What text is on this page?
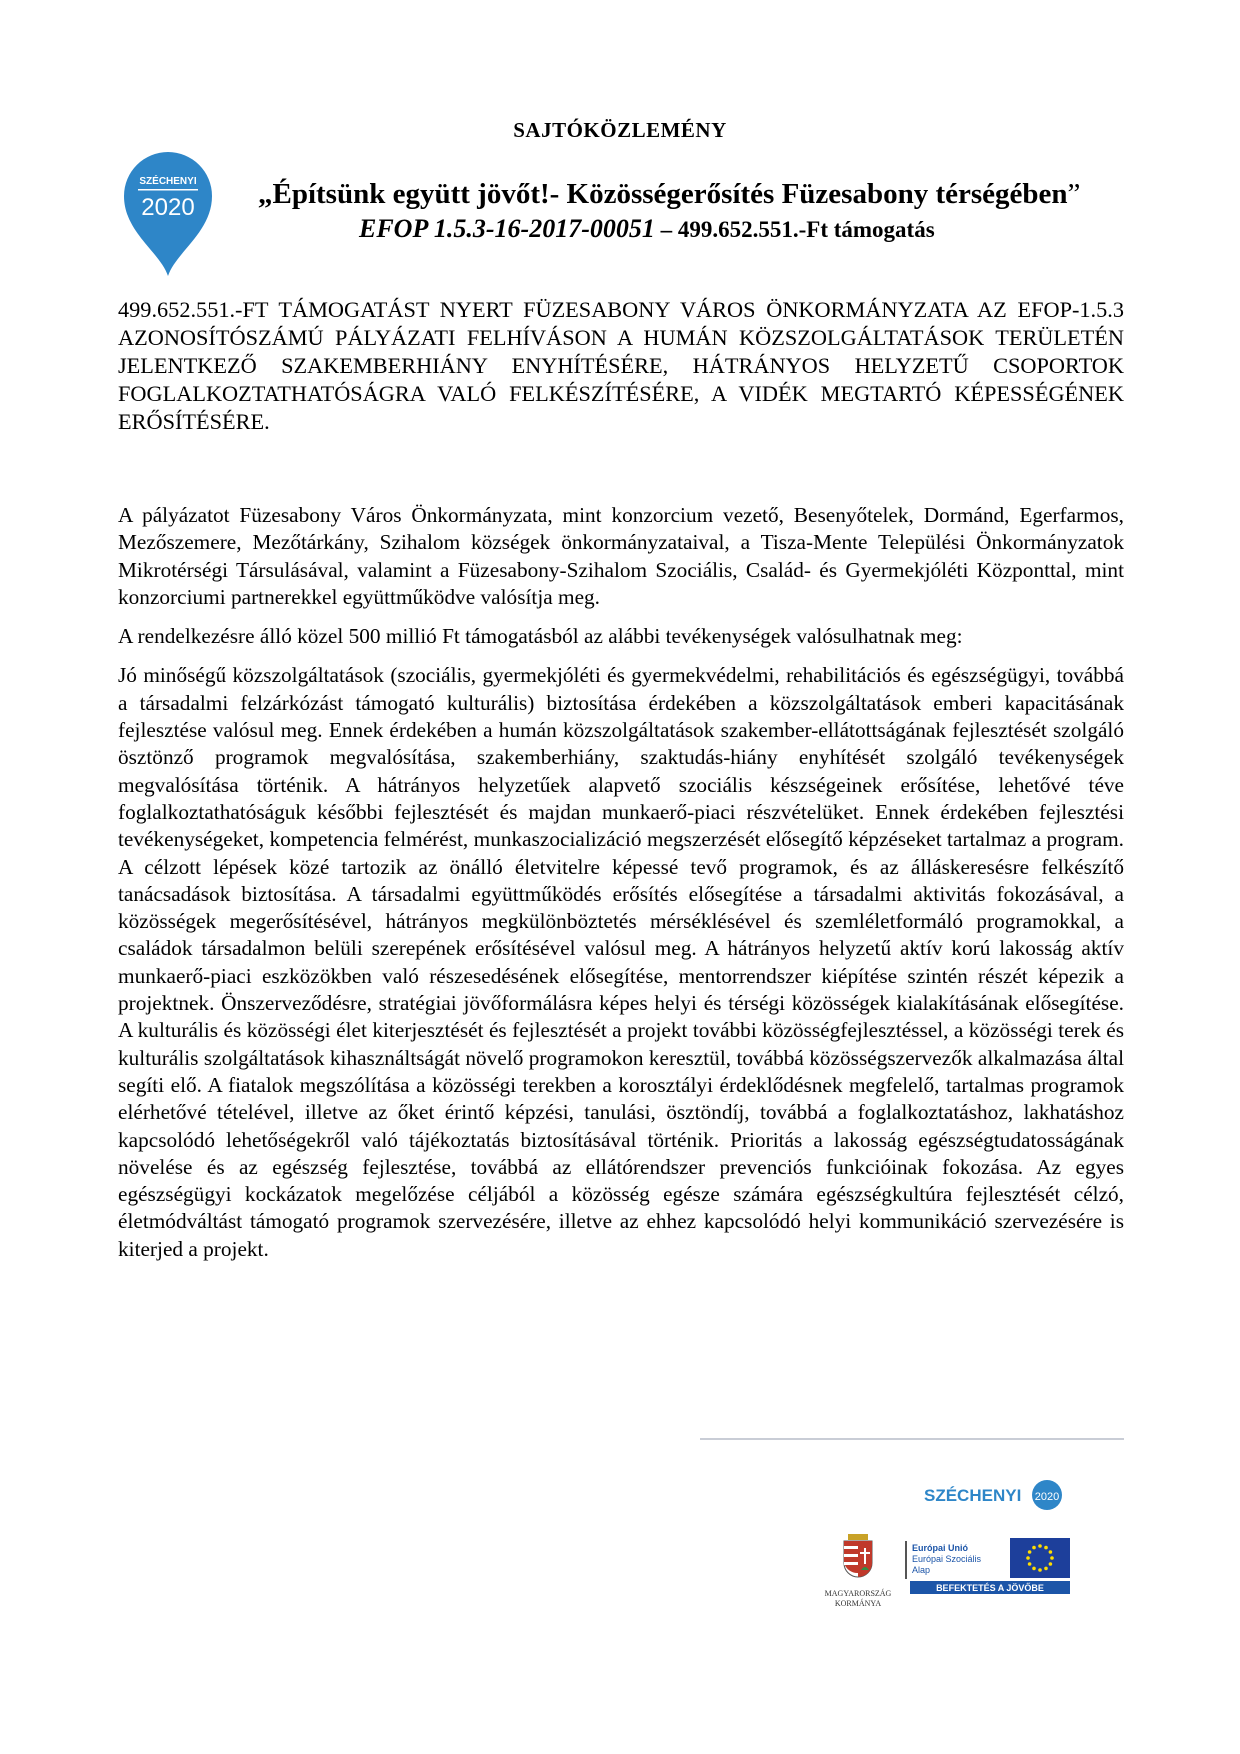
SAJTÓKÖZLEMÉNY
SZÉCHENYI
2020 „Építsünk együtt jövőt!- Közösségerősítés Füzesabony térségében”
EFOP 1.5.3-16-2017-00051 – 499.652.551.-Ft támogatás

499.652.551.-FT TÁMOGATÁST NYERT FÜZESABONY VÁROS ÖNKORMÁNYZATA AZ EFOP-1.5.3 AZONOSÍTÓSZÁMÚ PÁLYÁZATI FELHÍVÁSON A HUMÁN KÖZSZOLGÁLTATÁSOK TERÜLETÉN JELENTKEZŐ SZAKEMBERHIÁNY ENYHÍTÉSÉRE, HÁTRÁNYOS HELYZETŰ CSOPORTOK FOGLALKOZTATHATÓSÁGRA VALÓ FELKÉSZÍTÉSÉRE, A VIDÉK MEGTARTÓ KÉPESSÉGÉNEK ERŐSÍTÉSÉRE.

A pályázatot Füzesabony Város Önkormányzata, mint konzorcium vezető, Besenyőtelek, Dormánd, Egerfarmos, Mezőszemere, Mezőtárkány, Szihalom községek önkormányzataival, a Tisza-Mente Települési Önkormányzatok Mikrotérségi Társulásával, valamint a Füzesabony-Szihalom Szociális, Család- és Gyermekjóléti Központtal, mint konzorciumi partnerekkel együttműködve valósítja meg.

A rendelkezésre álló közel 500 millió Ft támogatásból az alábbi tevékenységek valósulhatnak meg:

Jó minőségű közszolgáltatások (szociális, gyermekjóléti és gyermekvédelmi, rehabilitációs és egészségügyi, továbbá a társadalmi felzárkózást támogató kulturális) biztosítása érdekében a közszolgáltatások emberi kapacitásának fejlesztése valósul meg. Ennek érdekében a humán közszolgáltatások szakember-ellátottságának fejlesztését szolgáló ösztönző programok megvalósítása, szakemberhiány, szaktudás-hiány enyhítését szolgáló tevékenységek megvalósítása történik. A hátrányos helyzetűek alapvető szociális készségeinek erősítése, lehetővé téve foglalkoztathatóságuk későbbi fejlesztését és majdan munkaerő-piaci részvételüket. Ennek érdekében fejlesztési tevékenységeket, kompetencia felmérést, munkaszocializáció megszerzését elősegítő képzéseket tartalmaz a program. A célzott lépések közé tartozik az önálló életvitelre képessé tevő programok, és az álláskeresésre felkészítő tanácsadások biztosítása. A társadalmi együttműködés erősítés elősegítése a társadalmi aktivitás fokozásával, a közösségek megerősítésével, hátrányos megkülönböztetés mérséklésével és szemléletformáló programokkal, a családok társadalmon belüli szerepének erősítésével valósul meg. A hátrányos helyzetű aktív korú lakosság aktív munkaerő-piaci eszközökben való részesedésének elősegítése, mentorrendszer kiépítése szintén részét képezik a projektnek. Önszerveződésre, stratégiai jövőformálásra képes helyi és térségi közösségek kialakításának elősegítése. A kulturális és közösségi élet kiterjesztését és fejlesztését a projekt további közösségfejlesztéssel, a közösségi terek és kulturális szolgáltatások kihasználtságát növelő programokon keresztül, továbbá közösségszervezők alkalmazása által segíti elő. A fiatalok megszólítása a közösségi terekben a korosztályi érdeklődésnek megfelelő, tartalmas programok elérhetővé tételével, illetve az őket érintő képzési, tanulási, ösztöndíj, továbbá a foglalkoztatáshoz, lakhatáshoz kapcsolódó lehetőségekről való tájékoztatás biztosításával történik. Prioritás a lakosság egészségtudatosságának növelése és az egészség fejlesztése, továbbá az ellátórendszer prevenciós funkcióinak fokozása. Az egyes egészségügyi kockázatok megelőzése céljából a közösség egésze számára egészségkultúra fejlesztését célzó, életmódváltást támogató programok szervezésére, illetve az ehhez kapcsolódó helyi kommunikáció szervezésére is kiterjed a projekt.

SZÉCHENYI 2020
MAGYARORSZÁG
KORMÁNYA
Európai Unió
Európai Szociális
Alap
BEFEKTETÉS A JÖVŐBE
